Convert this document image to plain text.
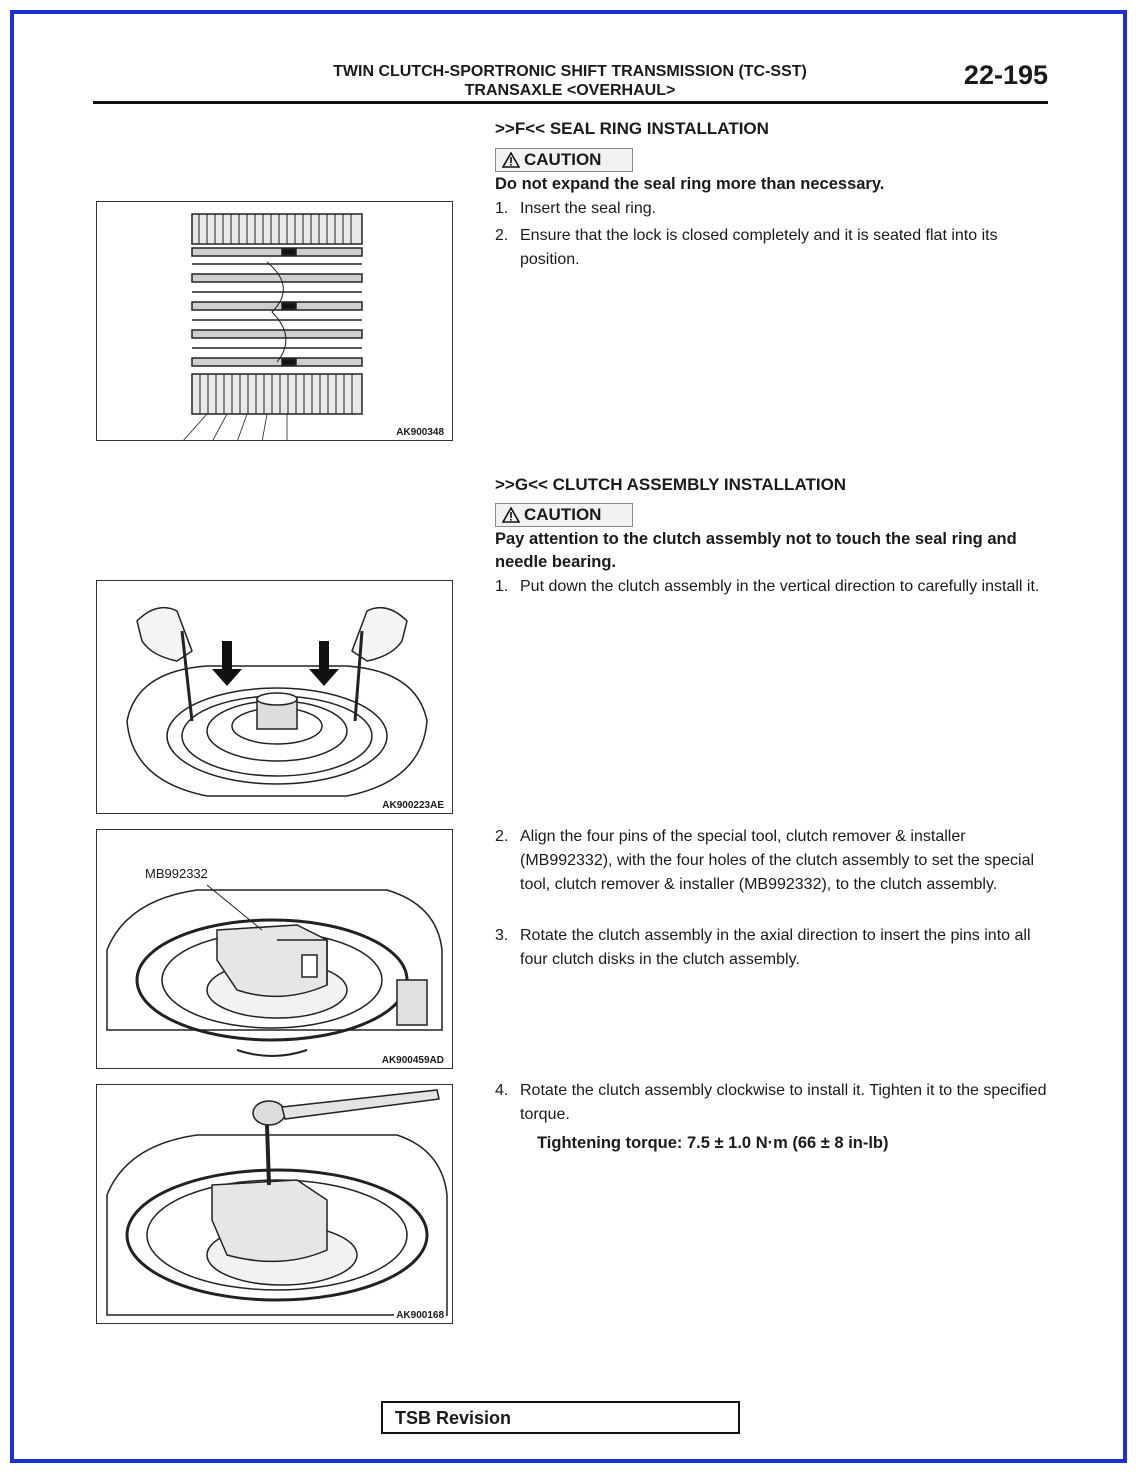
TWIN CLUTCH-SPORTRONIC SHIFT TRANSMISSION (TC-SST)
TRANSAXLE <OVERHAUL>
22-195
>>F<< SEAL RING INSTALLATION
CAUTION
Do not expand the seal ring more than necessary.
1. Insert the seal ring.
2. Ensure that the lock is closed completely and it is seated flat into its position.
AK900348
>>G<< CLUTCH ASSEMBLY INSTALLATION
CAUTION
Pay attention to the clutch assembly not to touch the seal ring and needle bearing.
1. Put down the clutch assembly in the vertical direction to carefully install it.
2. Align the four pins of the special tool, clutch remover & installer (MB992332), with the four holes of the clutch assembly to set the special tool, clutch remover & installer (MB992332), to the clutch assembly.
3. Rotate the clutch assembly in the axial direction to insert the pins into all four clutch disks in the clutch assembly.
4. Rotate the clutch assembly clockwise to install it. Tighten it to the specified torque.
Tightening torque: 7.5 ± 1.0 N·m (66 ± 8 in-lb)
AK900223AE
MB992332
AK900459AD
AK900168
TSB Revision
